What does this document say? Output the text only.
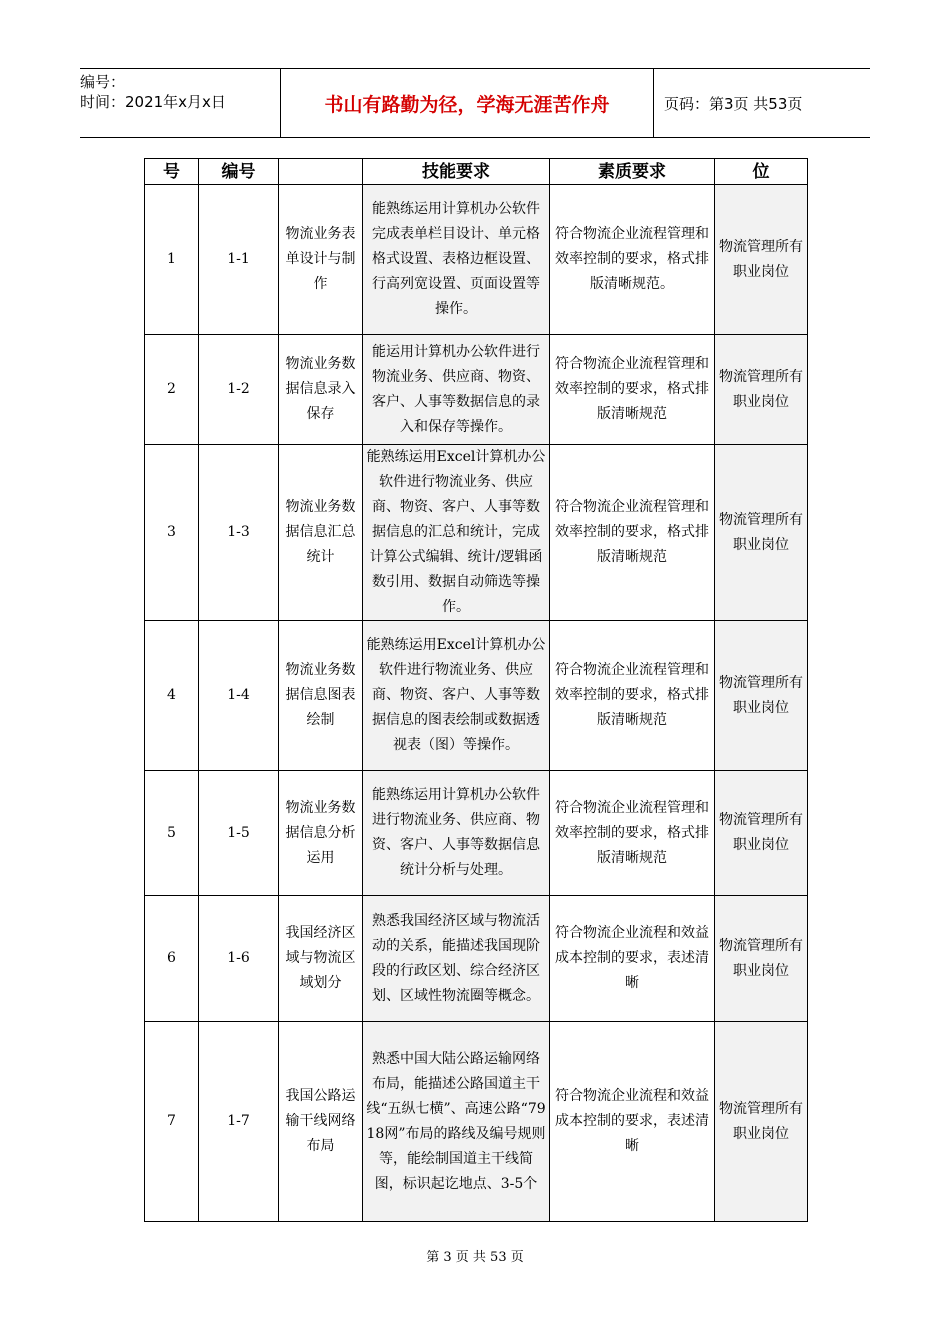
编号：
时间：2021年x月x日	书山有路勤为径，学海无涯苦作舟	页码：第3页 共53页
号	编号		技能要求	素质要求	位
1	1-1	物流业务表单设计与制作	能熟练运用计算机办公软件完成表单栏目设计、单元格格式设置、表格边框设置、行高列宽设置、页面设置等操作。	符合物流企业流程管理和效率控制的要求，格式排版清晰规范。	物流管理所有职业岗位
2	1-2	物流业务数据信息录入保存	能运用计算机办公软件进行物流业务、供应商、物资、客户、人事等数据信息的录入和保存等操作。	符合物流企业流程管理和效率控制的要求，格式排版清晰规范	物流管理所有职业岗位
3	1-3	物流业务数据信息汇总统计	能熟练运用Excel计算机办公软件进行物流业务、供应商、物资、客户、人事等数据信息的汇总和统计，完成计算公式编辑、统计/逻辑函数引用、数据自动筛选等操作。	符合物流企业流程管理和效率控制的要求，格式排版清晰规范	物流管理所有职业岗位
4	1-4	物流业务数据信息图表绘制	能熟练运用Excel计算机办公软件进行物流业务、供应商、物资、客户、人事等数据信息的图表绘制或数据透视表（图）等操作。	符合物流企业流程管理和效率控制的要求，格式排版清晰规范	物流管理所有职业岗位
5	1-5	物流业务数据信息分析运用	能熟练运用计算机办公软件进行物流业务、供应商、物资、客户、人事等数据信息统计分析与处理。	符合物流企业流程管理和效率控制的要求，格式排版清晰规范	物流管理所有职业岗位
6	1-6	我国经济区域与物流区域划分	熟悉我国经济区域与物流活动的关系，能描述我国现阶段的行政区划、综合经济区划、区域性物流圈等概念。	符合物流企业流程和效益成本控制的要求，表述清晰	物流管理所有职业岗位
7	1-7	我国公路运输干线网络布局	熟悉中国大陆公路运输网络布局，能描述公路国道主干线“五纵七横”、高速公路“7918网”布局的路线及编号规则等，能绘制国道主干线简图，标识起讫地点、3-5个	符合物流企业流程和效益成本控制的要求，表述清晰	物流管理所有职业岗位
第 3 页 共 53 页
